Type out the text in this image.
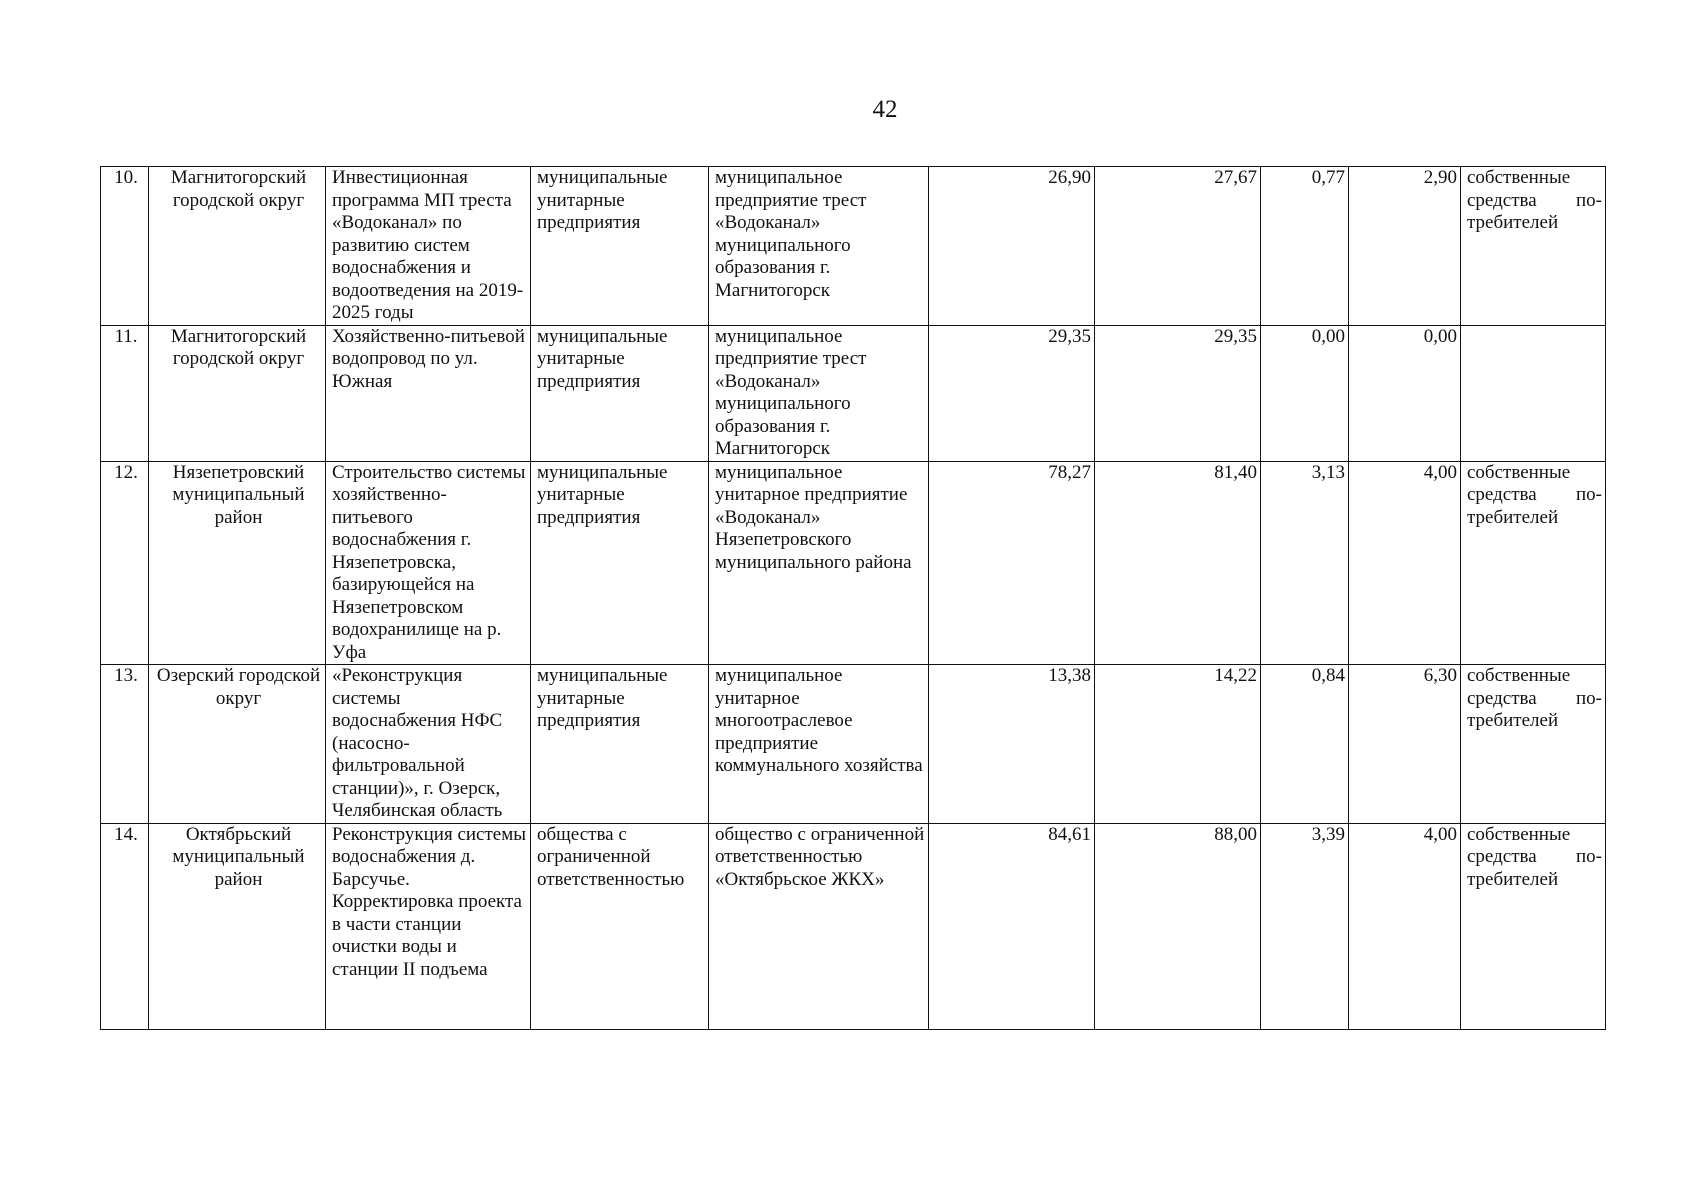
42
10.	Магнитогорский городской округ	Инвестиционная программа МП треста «Водоканал» по развитию систем водоснабжения и водоотведения на 2019-2025 годы	муниципальные унитарные предприятия	муниципальное предприятие трест «Водоканал» муниципального образования г. Магнитогорск	26,90	27,67	0,77	2,90	собственные
средства по-
требителей

11.	Магнитогорский городской округ	Хозяйственно-питьевой водопровод по ул. Южная	муниципальные унитарные предприятия	муниципальное предприятие трест «Водоканал» муниципального образования г. Магнитогорск	29,35	29,35	0,00	0,00	
12.	Нязепетровский муниципальный район	Строительство системы хозяйственно-питьевого водоснабжения г. Нязепетровска, базирующейся на Нязепетровском водохранилище на р. Уфа	муниципальные унитарные предприятия	муниципальное унитарное предприятие «Водоканал» Нязепетровского муниципального района	78,27	81,40	3,13	4,00	собственные
средства по-
требителей

13.	Озерский городской округ	«Реконструкция системы водоснабжения НФС (насосно-фильтровальной станции)», г. Озерск, Челябинская область	муниципальные унитарные предприятия	муниципальное унитарное многоотраслевое предприятие коммунального хозяйства	13,38	14,22	0,84	6,30	собственные
средства по-
требителей

14.	Октябрьский муниципальный район	Реконструкция системы водоснабжения д. Барсучье. Корректировка проекта в части станции очистки воды и станции II подъема	общества с ограниченной ответственностью	общество с ограниченной ответственностью «Октябрьское ЖКХ»	84,61	88,00	3,39	4,00	собственные
средства по-
требителей
